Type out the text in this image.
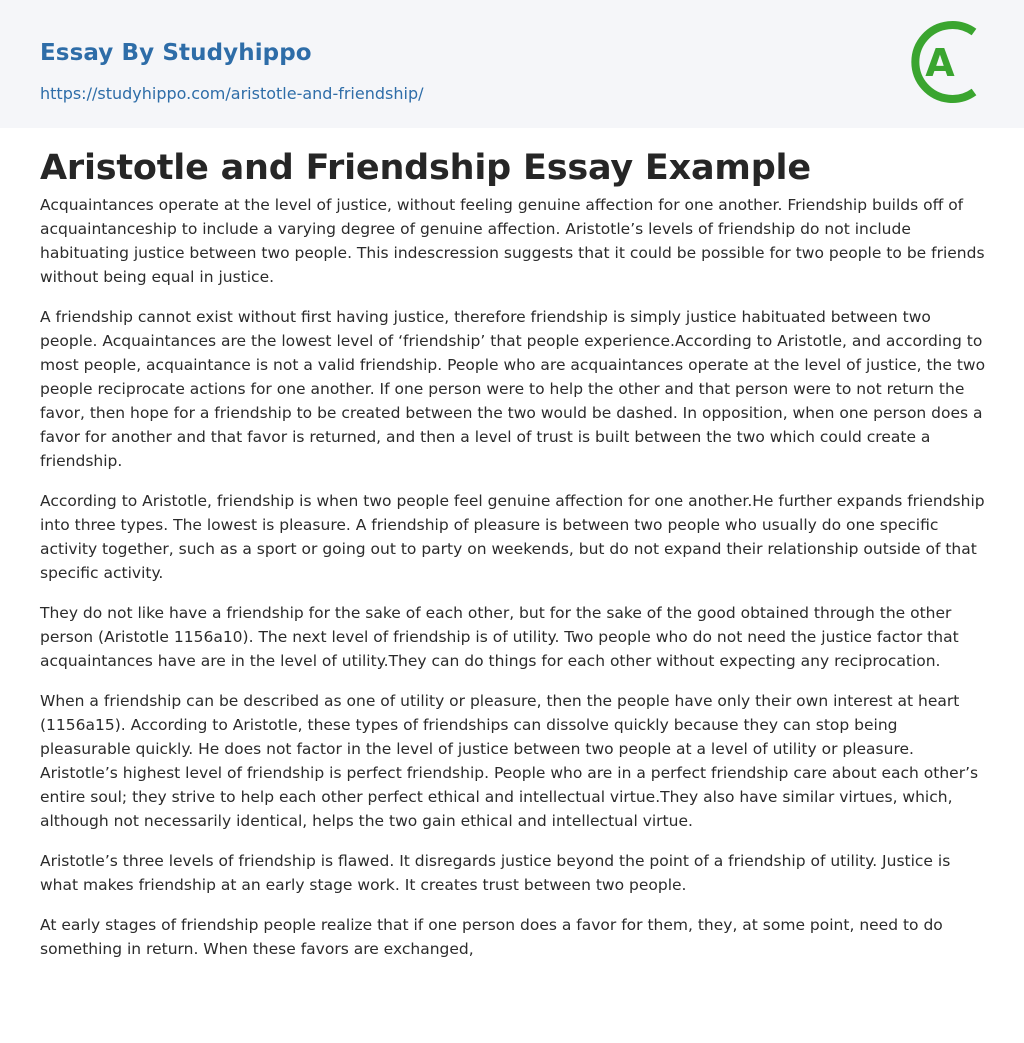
Essay By Studyhippo
https://studyhippo.com/aristotle-and-friendship/
A
Aristotle and Friendship Essay Example

Acquaintances operate at the level of justice, without feeling genuine affection for one another. Friendship builds off of acquaintanceship to include a varying degree of genuine affection. Aristotle’s levels of friendship do not include habituating justice between two people. This indescression suggests that it could be possible for two people to be friends without being equal in justice.

A friendship cannot exist without first having justice, therefore friendship is simply justice habituated between two people. Acquaintances are the lowest level of ‘friendship’ that people experience.According to Aristotle, and according to most people, acquaintance is not a valid friendship. People who are acquaintances operate at the level of justice, the two people reciprocate actions for one another. If one person were to help the other and that person were to not return the favor, then hope for a friendship to be created between the two would be dashed. In opposition, when one person does a favor for another and that favor is returned, and then a level of trust is built between the two which could create a friendship.

According to Aristotle, friendship is when two people feel genuine affection for one another.He further expands friendship into three types. The lowest is pleasure. A friendship of pleasure is between two people who usually do one specific activity together, such as a sport or going out to party on weekends, but do not expand their relationship outside of that specific activity.

They do not like have a friendship for the sake of each other, but for the sake of the good obtained through the other person (Aristotle 1156a10). The next level of friendship is of utility. Two people who do not need the justice factor that acquaintances have are in the level of utility.They can do things for each other without expecting any reciprocation.

When a friendship can be described as one of utility or pleasure, then the people have only their own interest at heart (1156a15). According to Aristotle, these types of friendships can dissolve quickly because they can stop being pleasurable quickly. He does not factor in the level of justice between two people at a level of utility or pleasure. Aristotle’s highest level of friendship is perfect friendship. People who are in a perfect friendship care about each other’s entire soul; they strive to help each other perfect ethical and intellectual virtue.They also have similar virtues, which, although not necessarily identical, helps the two gain ethical and intellectual virtue.

Aristotle’s three levels of friendship is flawed. It disregards justice beyond the point of a friendship of utility. Justice is what makes friendship at an early stage work. It creates trust between two people.

At early stages of friendship people realize that if one person does a favor for them, they, at some point, need to do something in return. When these favors are exchanged,
